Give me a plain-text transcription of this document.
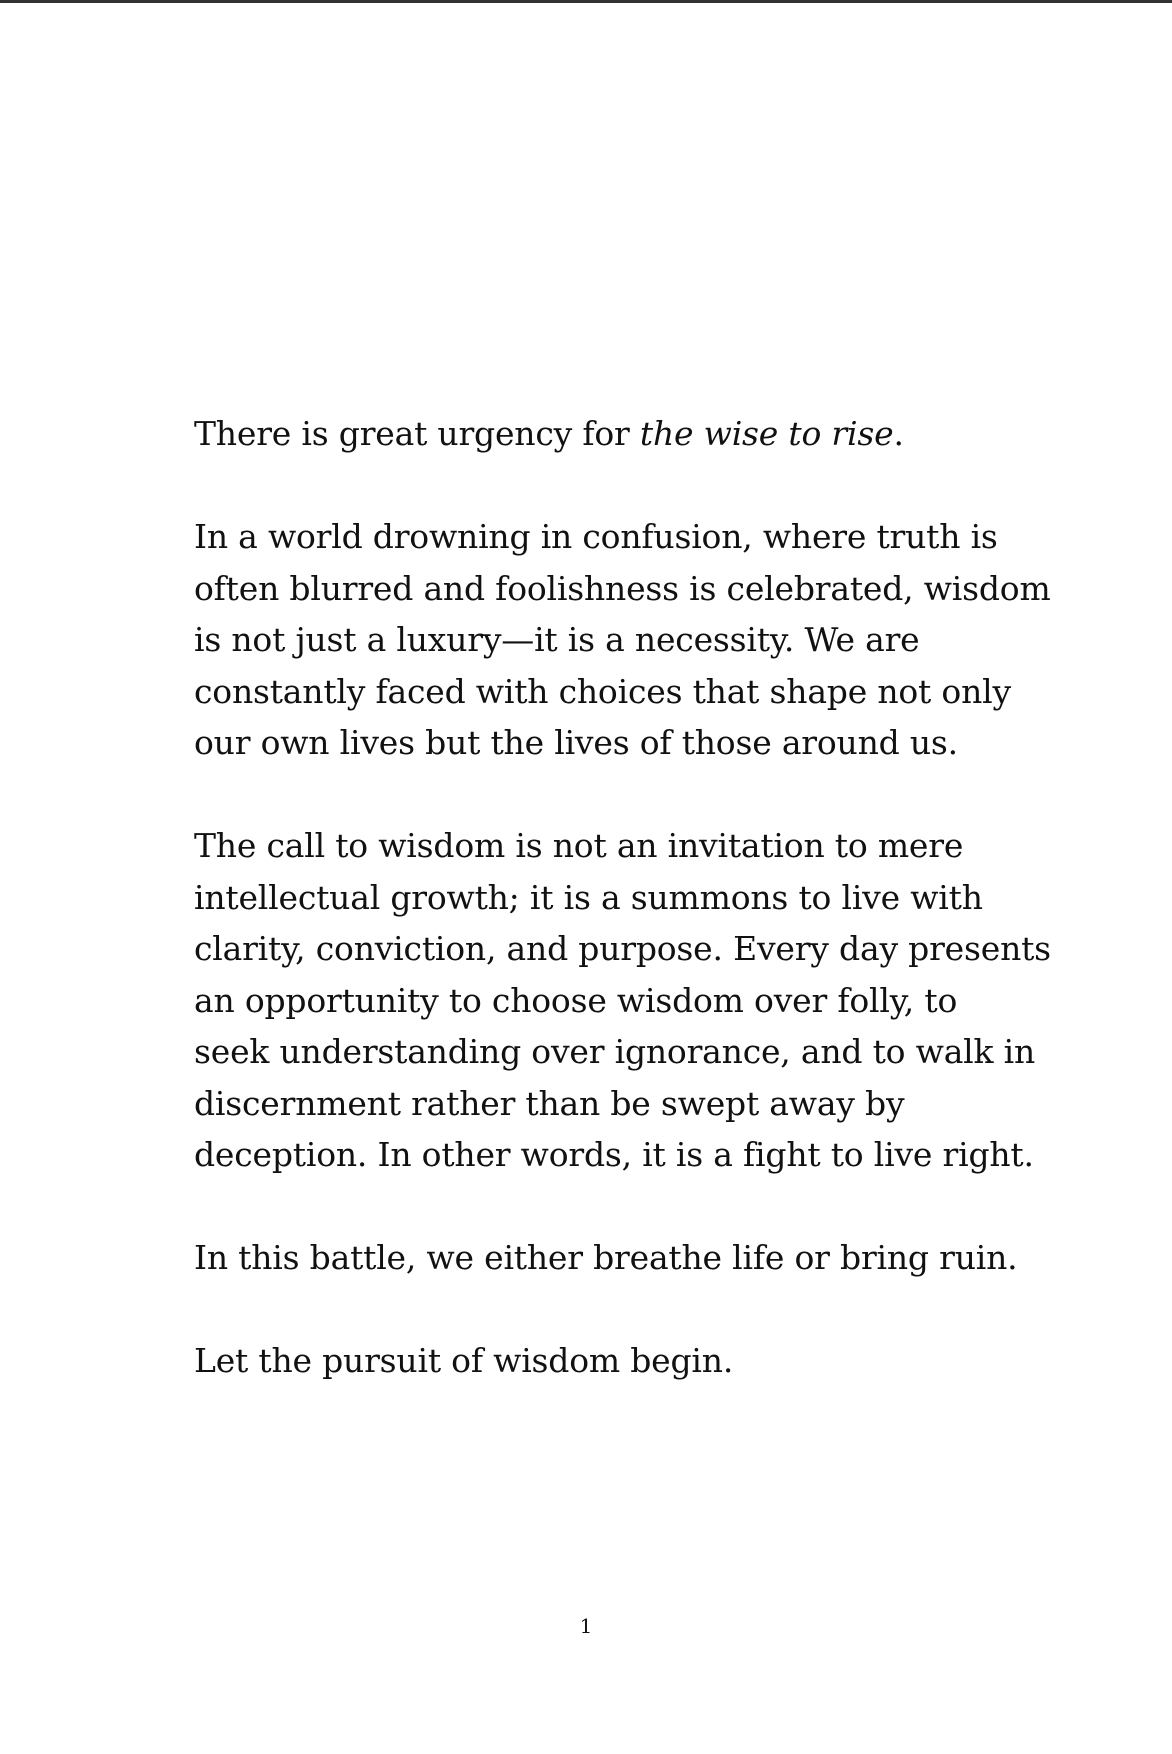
There is great urgency for the wise to rise.

In a world drowning in confusion, where truth is
often blurred and foolishness is celebrated, wisdom
is not just a luxury—it is a necessity. We are
constantly faced with choices that shape not only
our own lives but the lives of those around us.

The call to wisdom is not an invitation to mere
intellectual growth; it is a summons to live with
clarity, conviction, and purpose. Every day presents
an opportunity to choose wisdom over folly, to
seek understanding over ignorance, and to walk in
discernment rather than be swept away by
deception. In other words, it is a fight to live right.

In this battle, we either breathe life or bring ruin.

Let the pursuit of wisdom begin.

1
